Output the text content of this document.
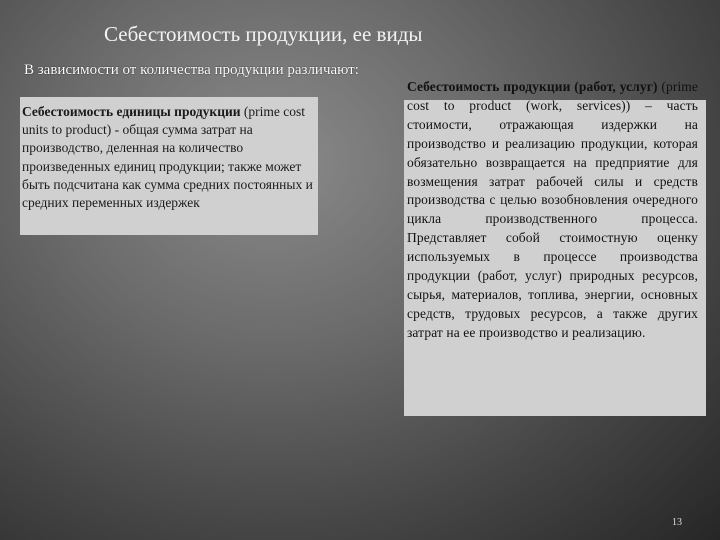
Себестоимость продукции, ее виды
В зависимости от количества продукции различают:
Себестоимость единицы продукции (prime cost units to product) - общая сумма затрат на производство, деленная на количество произведенных единиц продукции; также может быть подсчитана как сумма средних постоянных и средних переменных издержек
Себестоимость продукции (работ, услуг) (prime cost to product (work, services)) – часть стоимости, отражающая издержки на производство и реализацию продукции, которая обязательно возвращается на предприятие для возмещения затрат рабочей силы и средств производства с целью возобновления очередного цикла производственного процесса. Представляет собой стоимостную оценку используемых в процессе производства продукции (работ, услуг) природных ресурсов, сырья, материалов, топлива, энергии, основных средств, трудовых ресурсов, а также других затрат на ее производство и реализацию.
13
